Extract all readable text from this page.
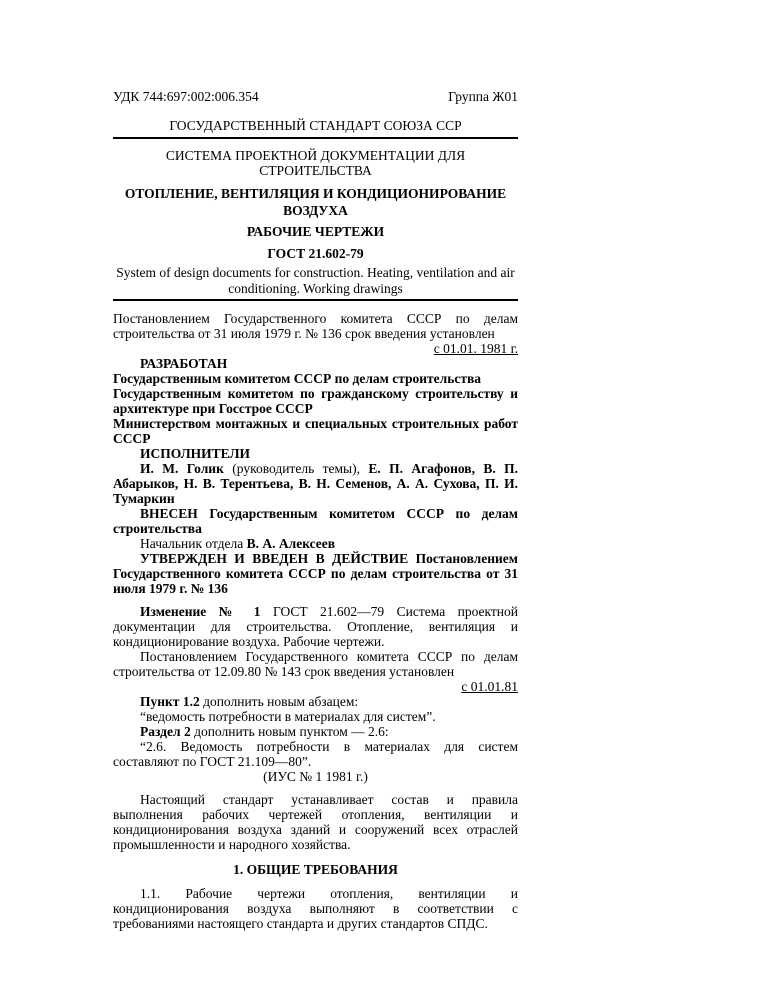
УДК 744:697:002:006.354	Группа Ж01
ГОСУДАРСТВЕННЫЙ СТАНДАРТ СОЮЗА ССР
СИСТЕМА ПРОЕКТНОЙ ДОКУМЕНТАЦИИ ДЛЯ СТРОИТЕЛЬСТВА
ОТОПЛЕНИЕ, ВЕНТИЛЯЦИЯ И КОНДИЦИОНИРОВАНИЕ
ВОЗДУХА
РАБОЧИЕ ЧЕРТЕЖИ
ГОСТ 21.602-79
System of design documents for construction. Heating, ventilation and air
conditioning. Working drawings

Постановлением Государственного комитета СССР по делам строительства от 31 июля 1979 г. № 136 срок введения установлен

с 01.01. 1981 г.

РАЗРАБОТАН

Государственным комитетом СССР по делам строительства

Государственным комитетом по гражданскому строительству и архитектуре при Госстрое СССР

Министерством монтажных и специальных строительных работ СССР

ИСПОЛНИТЕЛИ

И. М. Голик (руководитель темы), Е. П. Агафонов, В. П. Абарыков, Н. В. Терентьева, В. Н. Семенов, А. А. Сухова, П. И. Тумаркин

ВНЕСЕН Государственным комитетом СССР по делам строительства

Начальник отдела В. А. Алексеев

УТВЕРЖДЕН И ВВЕДЕН В ДЕЙСТВИЕ Постановлением Государственного комитета СССР по делам строительства от 31 июля 1979 г. № 136

Изменение № 1 ГОСТ 21.602—79 Система проектной документации для строительства. Отопление, вентиляция и кондиционирование воздуха. Рабочие чертежи.

Постановлением Государственного комитета СССР по делам строительства от 12.09.80 № 143 срок введения установлен

с 01.01.81

Пункт 1.2 дополнить новым абзацем:

“ведомость потребности в материалах для систем”.

Раздел 2 дополнить новым пунктом — 2.6:

“2.6. Ведомость потребности в материалах для систем составляют по ГОСТ 21.109—80”.

(ИУС № 1 1981 г.)

Настоящий стандарт устанавливает состав и правила выполнения рабочих чертежей отопления, вентиляции и кондиционирования воздуха зданий и сооружений всех отраслей промышленности и народного хозяйства.

1. ОБЩИЕ ТРЕБОВАНИЯ

1.1. Рабочие чертежи отопления, вентиляции и кондиционирования воздуха выполняют в соответствии с требованиями настоящего стандарта и других стандартов СПДС.
